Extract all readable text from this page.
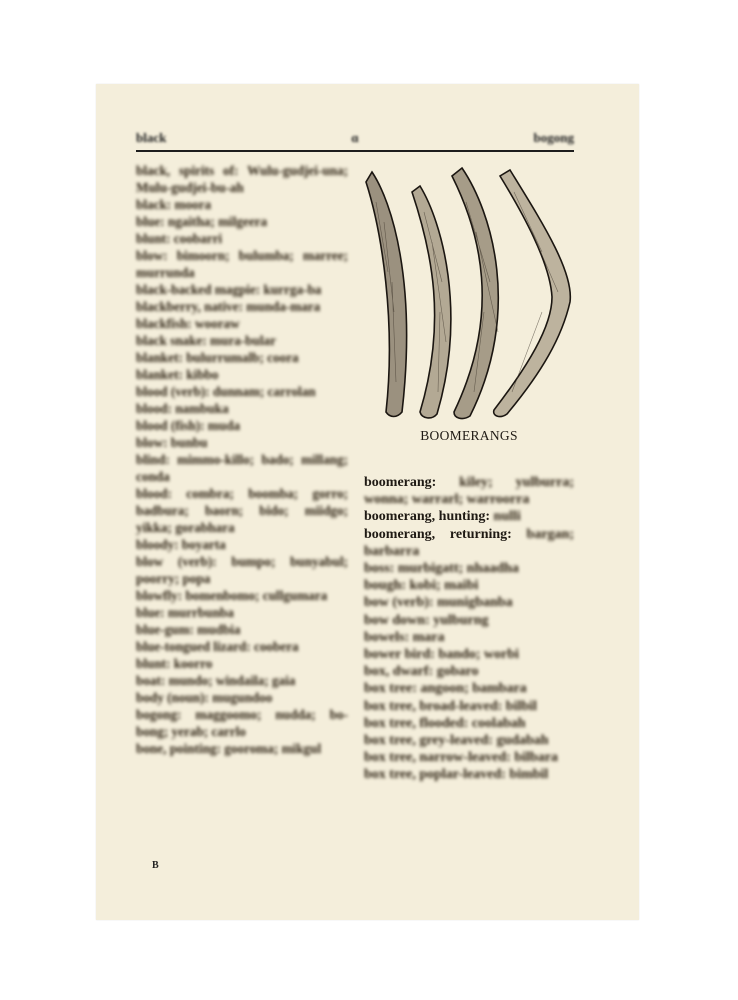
black	ɑ	bogong
black, spirits of: Wulu-gudjei-una; Mulu-gudjei-bu-ah
black: moora
blue: ngaitha; milgeera
blunt: coobarri
blow: bimoorn; bulumba; marree; murrunda
black-backed magpie: kurrga-ba
blackberry, native: munda-mara
blackfish: wooraw
black snake: mura-bular
blanket: bulurrumalb; coora
blanket: kibbo
blood (verb): dunnam; carrolan
blood: nambuka
blood (fish): muda
blow: bunbu
blind: mimmo-killo; bado; millang; conda
blood: combra; boomba; gorro; badbura; baorn; bido; miidgo; yikka; gorabhara
bloody: boyarta
blow (verb): bumpo; bunyabul; poorry; popa
blowfly: bomenbomo; cullgumara
blue: murrbunba
blue-gum: mudbia
blue-tongued lizard: coobera
blunt: koorro
boat: mundo; windaila; gaia
body (noun): mugundoo
bogong: maggoomo; nudda; bo-bong; yerab; carrlo
bone, pointing: gooroma; mikgul
BOOMERANGS
boomerang: kiley; yulburra; wonna; warrarl; warroorra
boomerang, hunting: nulli
boomerang, returning: bargan; barbarra
boss: murbigatt; nhaadha
bough: kobi; maibi
bow (verb): munigbanba
bow down: yulburng
bowels: mara
bower bird: bando; worbi
box, dwarf: gobaro
box tree: angoon; bambara
box tree, broad-leaved: bilbil
box tree, flooded: coolabah
box tree, grey-leaved: gudabah
box tree, narrow-leaved: bilbara
box tree, poplar-leaved: bimbil
B
